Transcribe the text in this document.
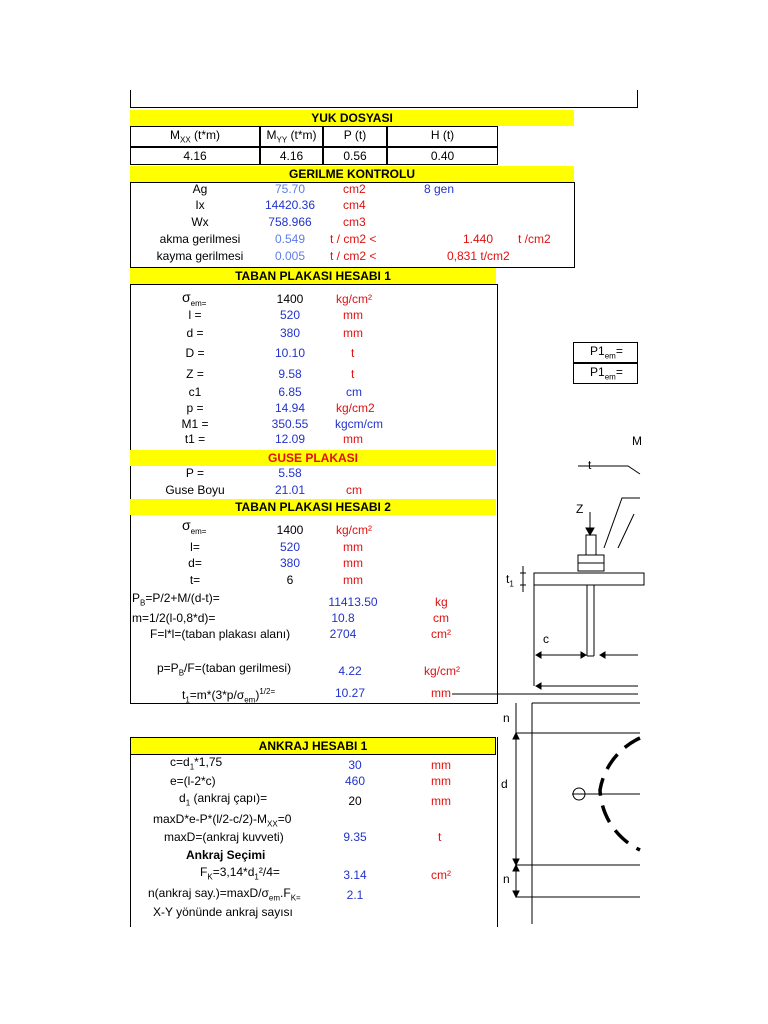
YUK DOSYASI
$M_{XX}$ (t*m)	$M_{YY}$ (t*m)	P (t)	H (t)
4.16	4.16	0.56	0.40
GERILME KONTROLU
Ag	75.70	cm2	8 gen
Ix	14420.36	cm4
Wx	758.966	cm3
akma gerilmesi	0.549	t / cm2 <	1.440 t /cm2
kayma gerilmesi	0.005	t / cm2 <	0,831 t/cm2
TABAN PLAKASI HESABI 1
$\sigma_{em=}$	1400	kg/cm²
l =	520	mm
d =	380	mm
D =	10.10	t
Z =	9.58	t
c1	6.85	cm
p =	14.94	kg/cm2
M1 =	350.55	kgcm/cm
t1 =	12.09	mm
GUSE PLAKASI
P =	5.58
Guse Boyu	21.01	cm
TABAN PLAKASI HESABI 2
$\sigma_{em=}$	1400	kg/cm²
l=	520	mm
d=	380	mm
t=	6	mm
$P_B=P/2+M/(d-t)=$	11413.50	kg
m=1/2(l-0,8*d)=	10.8	cm
F=l*l=(taban plakası alanı)	2704	cm²
$p=P_B/F=(taban$ gerilmesi)	4.22	kg/cm²
$t_1=m*(3*p/\sigma_{em})^{1/2=}$	10.27	mm
ANKRAJ HESABI 1
$c=d_1*1,75$	30	mm
e=(l-2*c)	460	mm
$d_1$ (ankraj çapı)=	20	mm
$\max D*e-P*(l/2-c/2)-M_{XX}=0$
maxD=(ankraj kuvveti)	9.35	t
Ankraj Seçimi
$F_K=3,14*d_1^2/4=$	3.14	cm²
n(ankraj $say.)=\max D/\sigma_{em}.F_{K=}$	2.1
X-Y yönünde ankraj sayısı
$P1_{em}=$
$P1_{em}=$
M
t
Z
$t_1$
c
n
d
n
